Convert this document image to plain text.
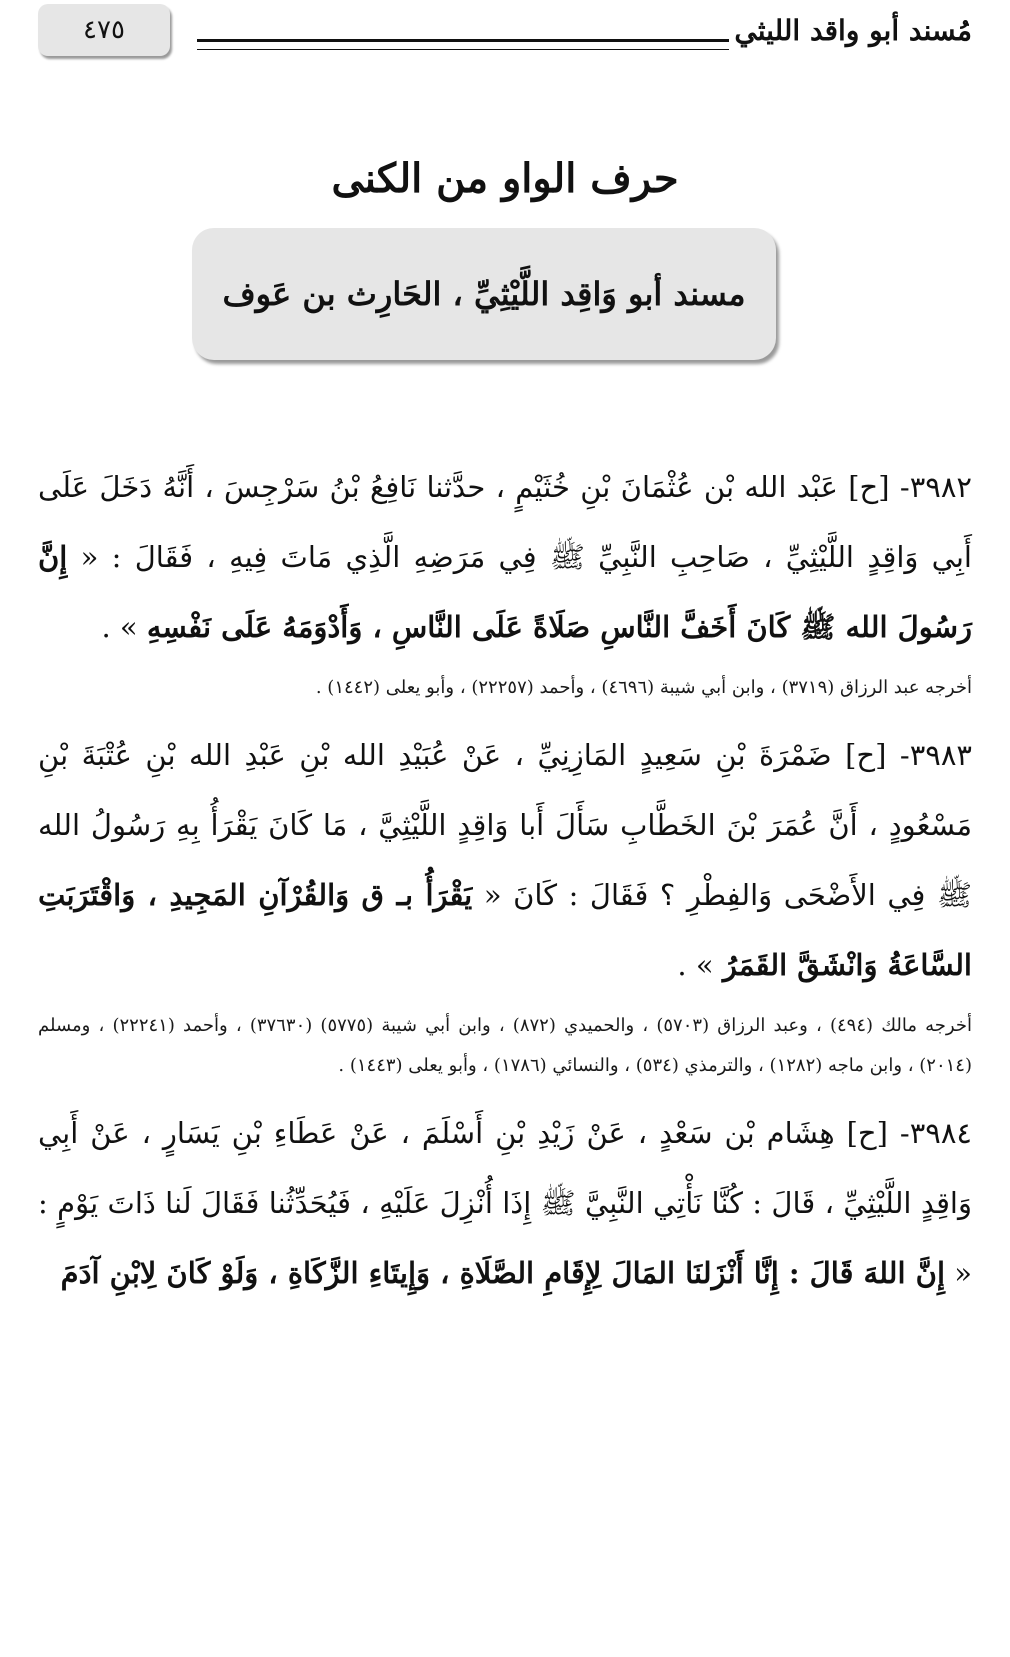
٤٧٥	مُسند أبو واقد الليثي
حرف الواو من الكنى
مسند أبو وَاقِد اللَّيْثِيِّ ، الحَارِث بن عَوف

٣٩٨٢- [ح] عَبْد الله بْن عُثْمَانَ بْنِ خُثَيْمٍ ، حدَّثنا نَافِعُ بْنُ سَرْجِسَ ، أَنَّهُ دَخَلَ عَلَى أَبِي وَاقِدٍ اللَّيْثِيِّ ، صَاحِبِ النَّبِيِّ ﷺ فِي مَرَضِهِ الَّذِي مَاتَ فِيهِ ، فَقَالَ : « إِنَّ رَسُولَ الله ﷺ كَانَ أَخَفَّ النَّاسِ صَلَاةً عَلَى النَّاسِ ، وَأَدْوَمَهُ عَلَى نَفْسِهِ » .

أخرجه عبد الرزاق (٣٧١٩) ، وابن أبي شيبة (٤٦٩٦) ، وأحمد (٢٢٢٥٧) ، وأبو يعلى (١٤٤٢) .

٣٩٨٣- [ح] ضَمْرَةَ بْنِ سَعِيدٍ المَازِنِيِّ ، عَنْ عُبَيْدِ الله بْنِ عَبْدِ الله بْنِ عُتْبَةَ بْنِ مَسْعُودٍ ، أَنَّ عُمَرَ بْنَ الخَطَّابِ سَأَلَ أَبا وَاقِدٍ اللَّيْثِيَّ ، مَا كَانَ يَقْرَأُ بِهِ رَسُولُ الله ﷺ فِي الأَضْحَى وَالفِطْرِ ؟ فَقَالَ : كَانَ « يَقْرَأُ بـ ق وَالقُرْآنِ المَجِيدِ ، وَاقْتَرَبَتِ السَّاعَةُ وَانْشَقَّ القَمَرُ » .

أخرجه مالك (٤٩٤) ، وعبد الرزاق (٥٧٠٣) ، والحميدي (٨٧٢) ، وابن أبي شيبة (٥٧٧٥) (٣٧٦٣٠) ، وأحمد (٢٢٢٤١) ، ومسلم (٢٠١٤) ، وابن ماجه (١٢٨٢) ، والترمذي (٥٣٤) ، والنسائي (١٧٨٦) ، وأبو يعلى (١٤٤٣) .

٣٩٨٤- [ح] هِشَام بْن سَعْدٍ ، عَنْ زَيْدِ بْنِ أَسْلَمَ ، عَنْ عَطَاءِ بْنِ يَسَارٍ ، عَنْ أَبِي وَاقِدٍ اللَّيْثِيِّ ، قَالَ : كُنَّا نَأْتِي النَّبِيَّ ﷺ إِذَا أُنْزِلَ عَلَيْهِ ، فَيُحَدِّثُنا فَقَالَ لَنا ذَاتَ يَوْمٍ : « إِنَّ اللهَ قَالَ : إِنَّا أَنْزَلنَا المَالَ لِإِقَامِ الصَّلَاةِ ، وَإِيتَاءِ الزَّكَاةِ ، وَلَوْ كَانَ لِابْنِ آدَمَ
